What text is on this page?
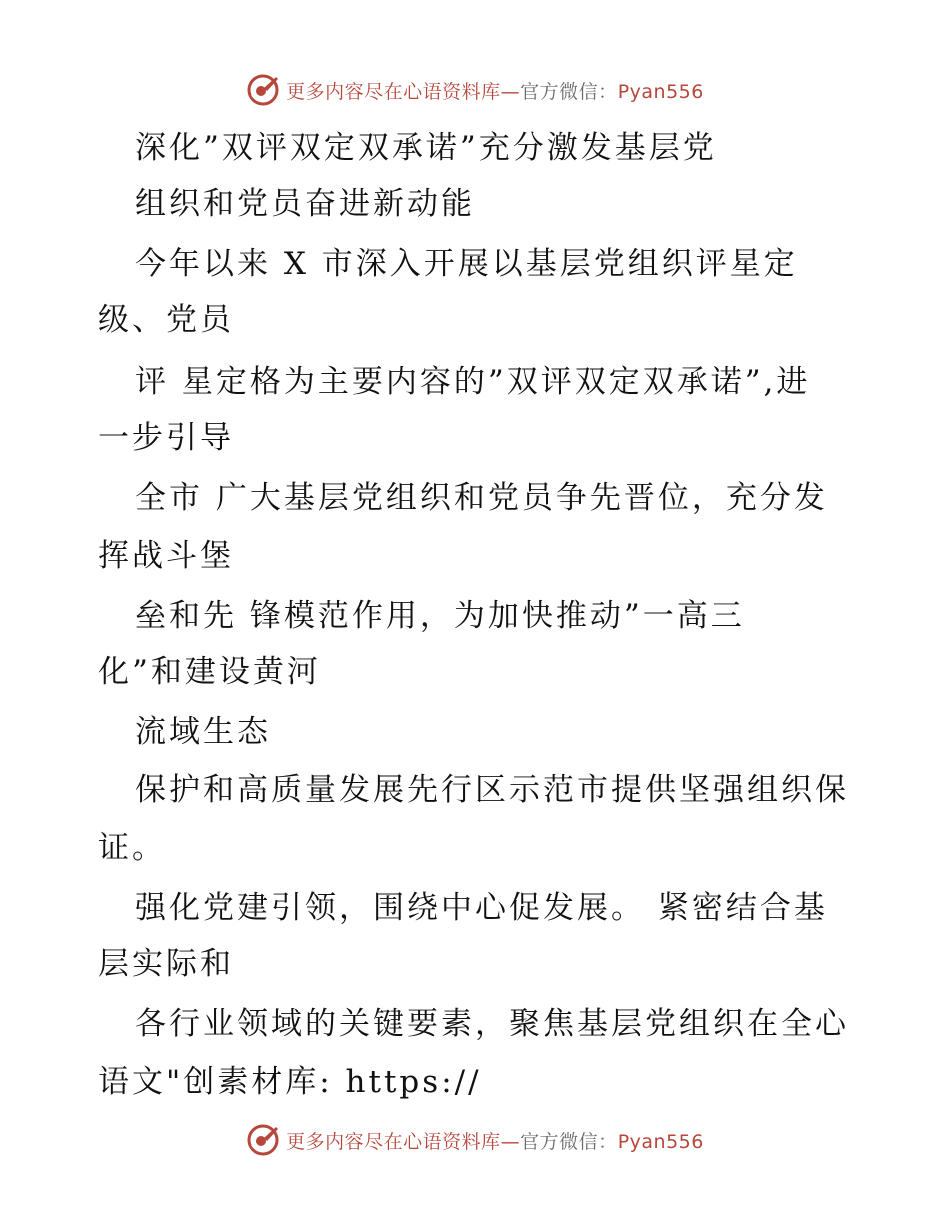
更多内容尽在心语资料库—官方微信：Pyan556
深化”双评双定双承诺”充分激发基层党
组织和党员奋进新动能
今年以来 X 市深入开展以基层党组织评星定
级、党员
评 星定格为主要内容的”双评双定双承诺”,进
一步引导
全市 广大基层党组织和党员争先晋位，充分发
挥战斗堡
垒和先 锋模范作用，为加快推动”一高三
化”和建设黄河
流域生态
保护和高质量发展先行区示范市提供坚强组织保
证。
强化党建引领，围绕中心促发展。 紧密结合基
层实际和
各行业领域的关键要素，聚焦基层党组织在全心
语文"创素材库: https://
更多内容尽在心语资料库—官方微信：Pyan556
